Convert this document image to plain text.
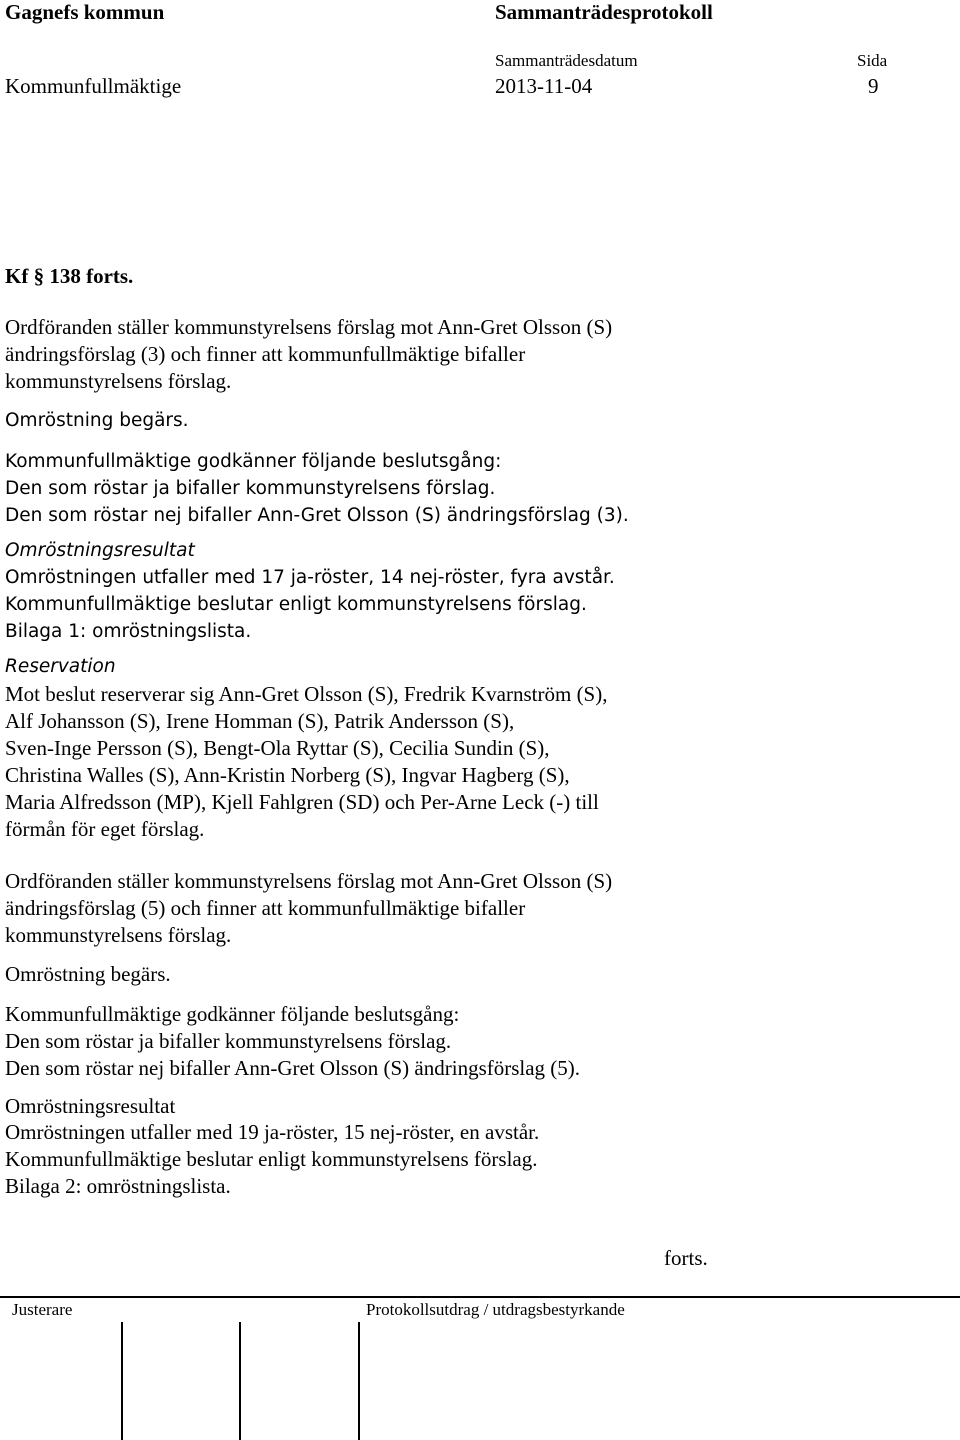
Gagnefs kommun	Sammanträdesprotokoll
Sammanträdesdatum	Sida
Kommunfullmäktige	2013-11-04	9
Kf § 138 forts.
Ordföranden ställer kommunstyrelsens förslag mot Ann-Gret Olsson (S)
ändringsförslag (3) och finner att kommunfullmäktige bifaller
kommunstyrelsens förslag.
Omröstning begärs.
Kommunfullmäktige godkänner följande beslutsgång:
Den som röstar ja bifaller kommunstyrelsens förslag.
Den som röstar nej bifaller Ann-Gret Olsson (S) ändringsförslag (3).
Omröstningsresultat
Omröstningen utfaller med 17 ja-röster, 14 nej-röster, fyra avstår.
Kommunfullmäktige beslutar enligt kommunstyrelsens förslag.
Bilaga 1: omröstningslista.
Reservation
Mot beslut reserverar sig Ann-Gret Olsson (S), Fredrik Kvarnström (S),
Alf Johansson (S), Irene Homman (S), Patrik Andersson (S),
Sven-Inge Persson (S), Bengt-Ola Ryttar (S), Cecilia Sundin (S),
Christina Walles (S), Ann-Kristin Norberg (S), Ingvar Hagberg (S),
Maria Alfredsson (MP), Kjell Fahlgren (SD) och Per-Arne Leck (-) till
förmån för eget förslag.
Ordföranden ställer kommunstyrelsens förslag mot Ann-Gret Olsson (S)
ändringsförslag (5) och finner att kommunfullmäktige bifaller
kommunstyrelsens förslag.
Omröstning begärs.
Kommunfullmäktige godkänner följande beslutsgång:
Den som röstar ja bifaller kommunstyrelsens förslag.
Den som röstar nej bifaller Ann-Gret Olsson (S) ändringsförslag (5).
Omröstningsresultat
Omröstningen utfaller med 19 ja-röster, 15 nej-röster, en avstår.
Kommunfullmäktige beslutar enligt kommunstyrelsens förslag.
Bilaga 2: omröstningslista.
forts.
Justerare	Protokollsutdrag / utdragsbestyrkande
